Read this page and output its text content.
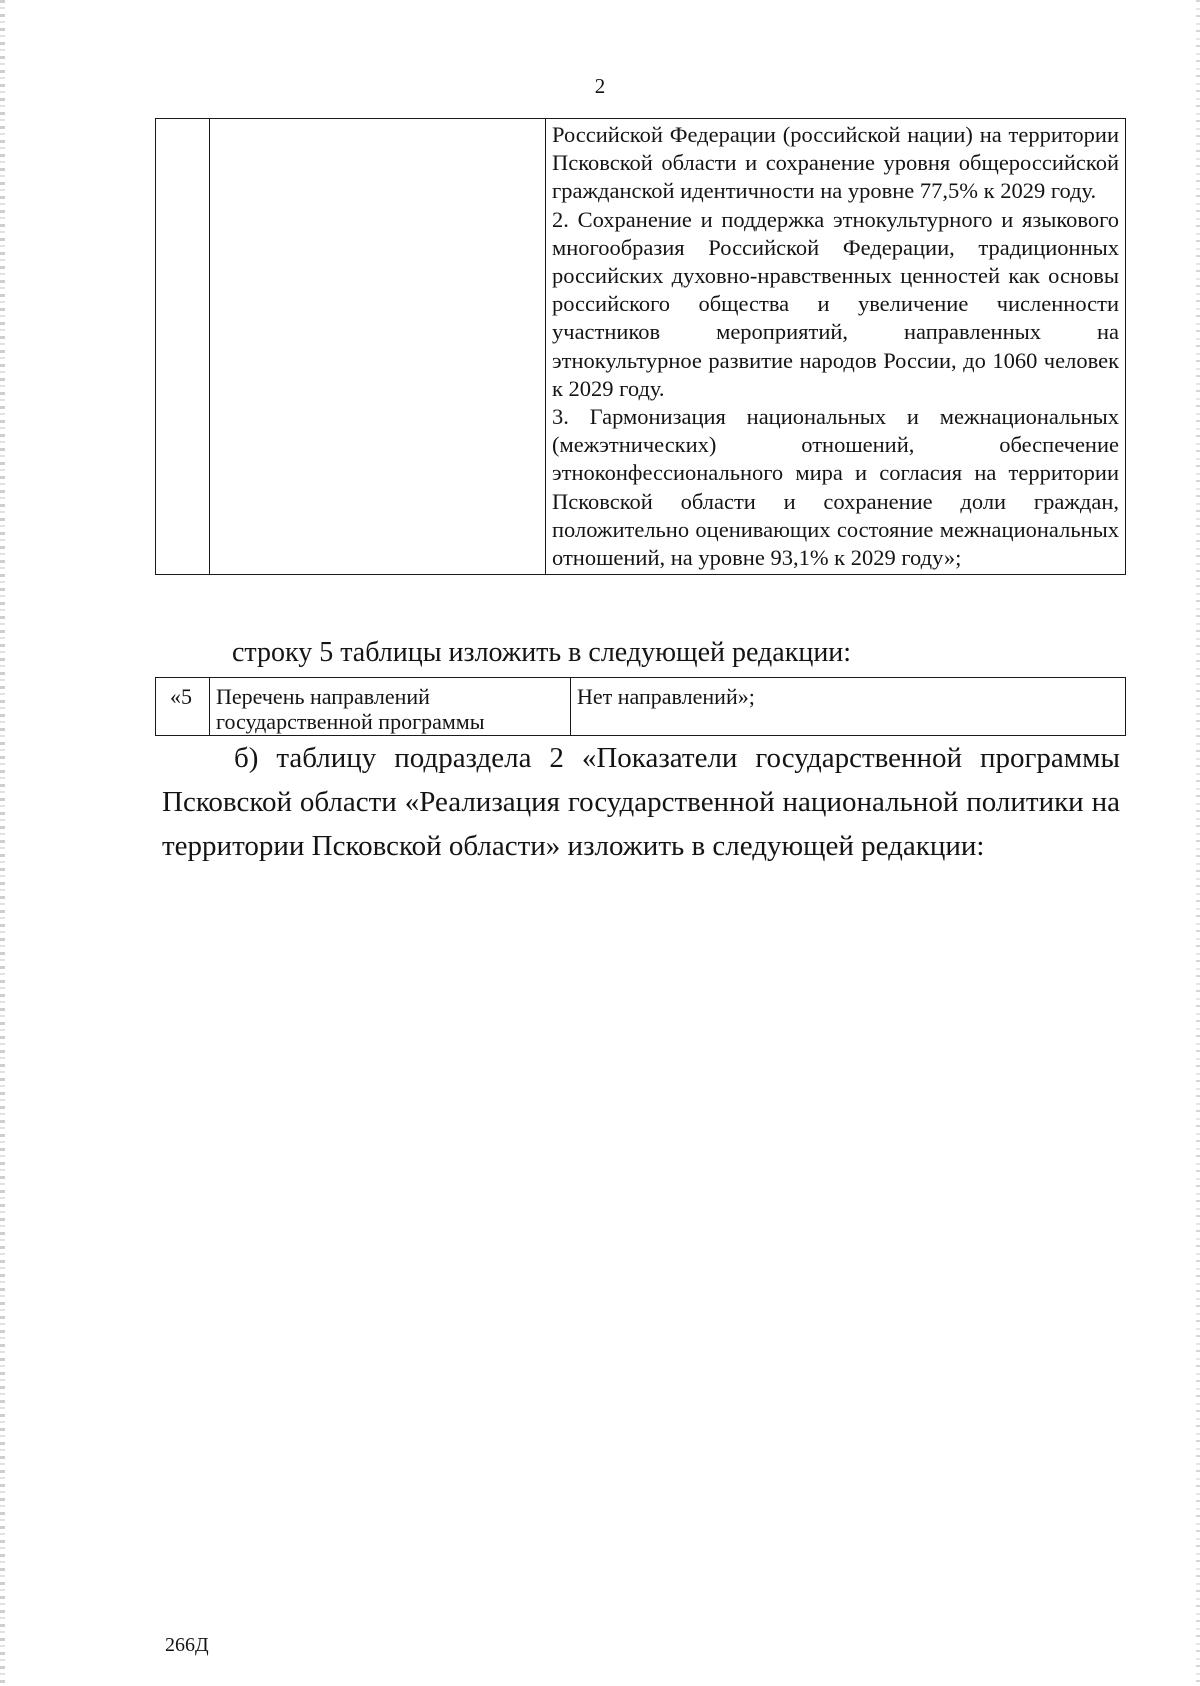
2

Российской Федерации (российской нации) на территории Псковской области и сохранение уровня общероссийской гражданской идентичности на уровне 77,5% к 2029 году.

2. Сохранение и поддержка этнокультурного и языкового многообразия Российской Федерации, традиционных российских духовно-нравственных ценностей как основы российского общества и увеличение численности участников мероприятий, направленных на этнокультурное развитие народов России, до 1060 человек к 2029 году.

3. Гармонизация национальных и межнациональных (межэтнических) отношений, обеспечение этноконфессионального мира и согласия на территории Псковской области и сохранение доли граждан, положительно оценивающих состояние межнациональных отношений, на уровне 93,1% к 2029 году»;

строку 5 таблицы изложить в следующей редакции:
«5	Перечень направлений государственной программы	Нет направлений»;

б) таблицу подраздела 2 «Показатели государственной программы Псковской области «Реализация государственной национальной политики на территории Псковской области» изложить в следующей редакции:

266Д
